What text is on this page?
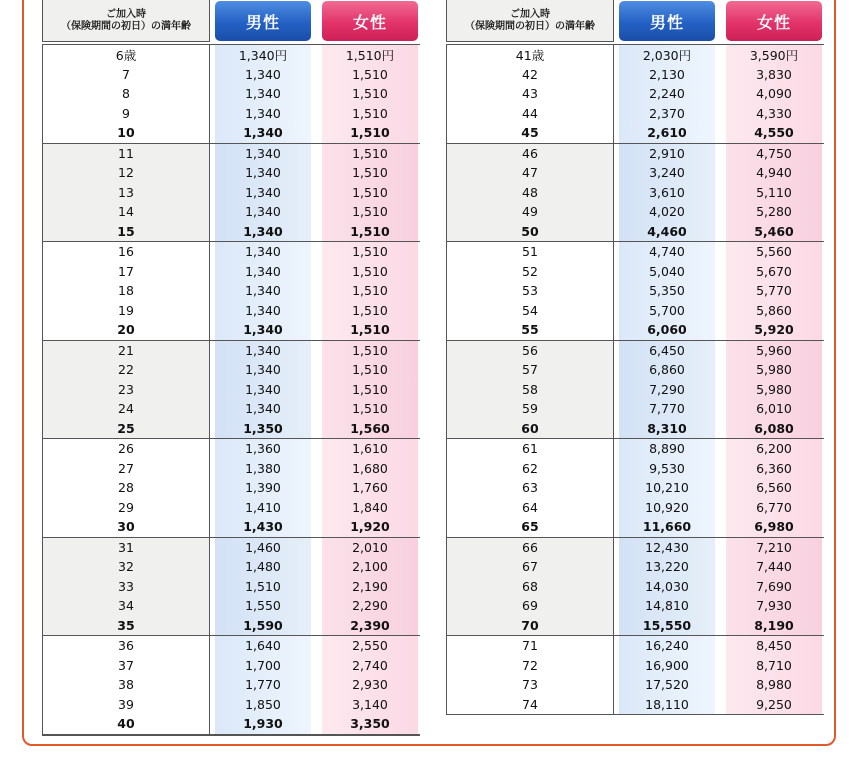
ご加入時
（保険期間の初日）の満年齢	男性	女性
6歳	1,340円	1,510円
7	1,340	1,510
8	1,340	1,510
9	1,340	1,510
10	1,340	1,510
11	1,340	1,510
12	1,340	1,510
13	1,340	1,510
14	1,340	1,510
15	1,340	1,510
16	1,340	1,510
17	1,340	1,510
18	1,340	1,510
19	1,340	1,510
20	1,340	1,510
21	1,340	1,510
22	1,340	1,510
23	1,340	1,510
24	1,340	1,510
25	1,350	1,560
26	1,360	1,610
27	1,380	1,680
28	1,390	1,760
29	1,410	1,840
30	1,430	1,920
31	1,460	2,010
32	1,480	2,100
33	1,510	2,190
34	1,550	2,290
35	1,590	2,390
36	1,640	2,550
37	1,700	2,740
38	1,770	2,930
39	1,850	3,140
40	1,930	3,350
ご加入時
（保険期間の初日）の満年齢	男性	女性
41歳	2,030円	3,590円
42	2,130	3,830
43	2,240	4,090
44	2,370	4,330
45	2,610	4,550
46	2,910	4,750
47	3,240	4,940
48	3,610	5,110
49	4,020	5,280
50	4,460	5,460
51	4,740	5,560
52	5,040	5,670
53	5,350	5,770
54	5,700	5,860
55	6,060	5,920
56	6,450	5,960
57	6,860	5,980
58	7,290	5,980
59	7,770	6,010
60	8,310	6,080
61	8,890	6,200
62	9,530	6,360
63	10,210	6,560
64	10,920	6,770
65	11,660	6,980
66	12,430	7,210
67	13,220	7,440
68	14,030	7,690
69	14,810	7,930
70	15,550	8,190
71	16,240	8,450
72	16,900	8,710
73	17,520	8,980
74	18,110	9,250
